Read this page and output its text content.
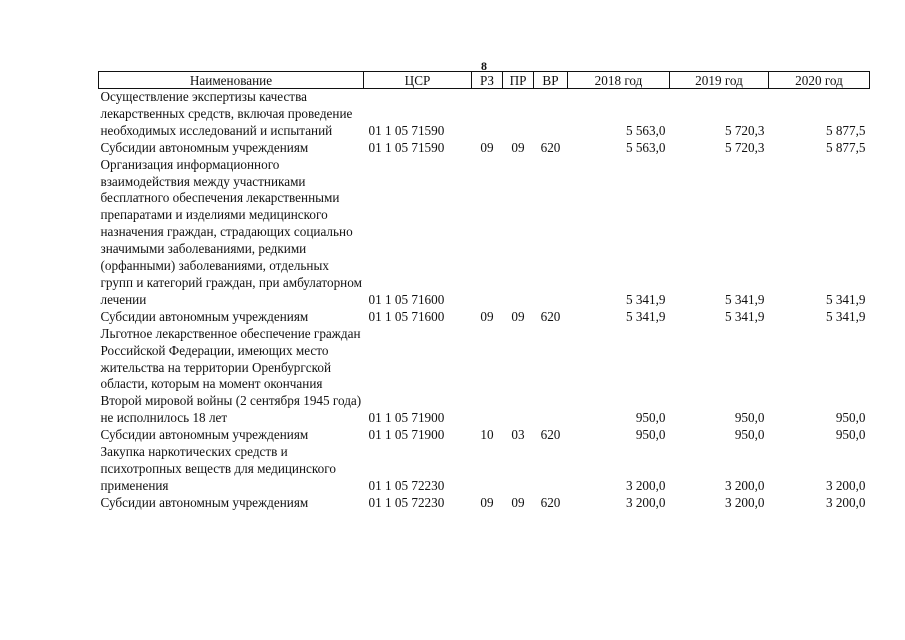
8
Наименование	ЦСР	РЗ	ПР	ВР	2018 год	2019 год	2020 год
Осуществление экспертизы качества лекарственных средств, включая проведение необходимых исследований и испытаний	01 1 05 71590				5 563,0	5 720,3	5 877,5
Субсидии автономным учреждениям	01 1 05 71590	09	09	620	5 563,0	5 720,3	5 877,5
Организация информационного взаимодействия между участниками бесплатного обеспечения лекарственными препаратами и изделиями медицинского назначения граждан, страдающих социально значимыми заболеваниями, редкими (орфанными) заболеваниями, отдельных групп и категорий граждан, при амбулаторном лечении	01 1 05 71600				5 341,9	5 341,9	5 341,9
Субсидии автономным учреждениям	01 1 05 71600	09	09	620	5 341,9	5 341,9	5 341,9
Льготное лекарственное обеспечение граждан Российской Федерации, имеющих место жительства на территории Оренбургской области, которым на момент окончания Второй мировой войны (2 сентября 1945 года) не исполнилось 18 лет	01 1 05 71900				950,0	950,0	950,0
Субсидии автономным учреждениям	01 1 05 71900	10	03	620	950,0	950,0	950,0
Закупка наркотических средств и психотропных веществ для медицинского применения	01 1 05 72230				3 200,0	3 200,0	3 200,0
Субсидии автономным учреждениям	01 1 05 72230	09	09	620	3 200,0	3 200,0	3 200,0
